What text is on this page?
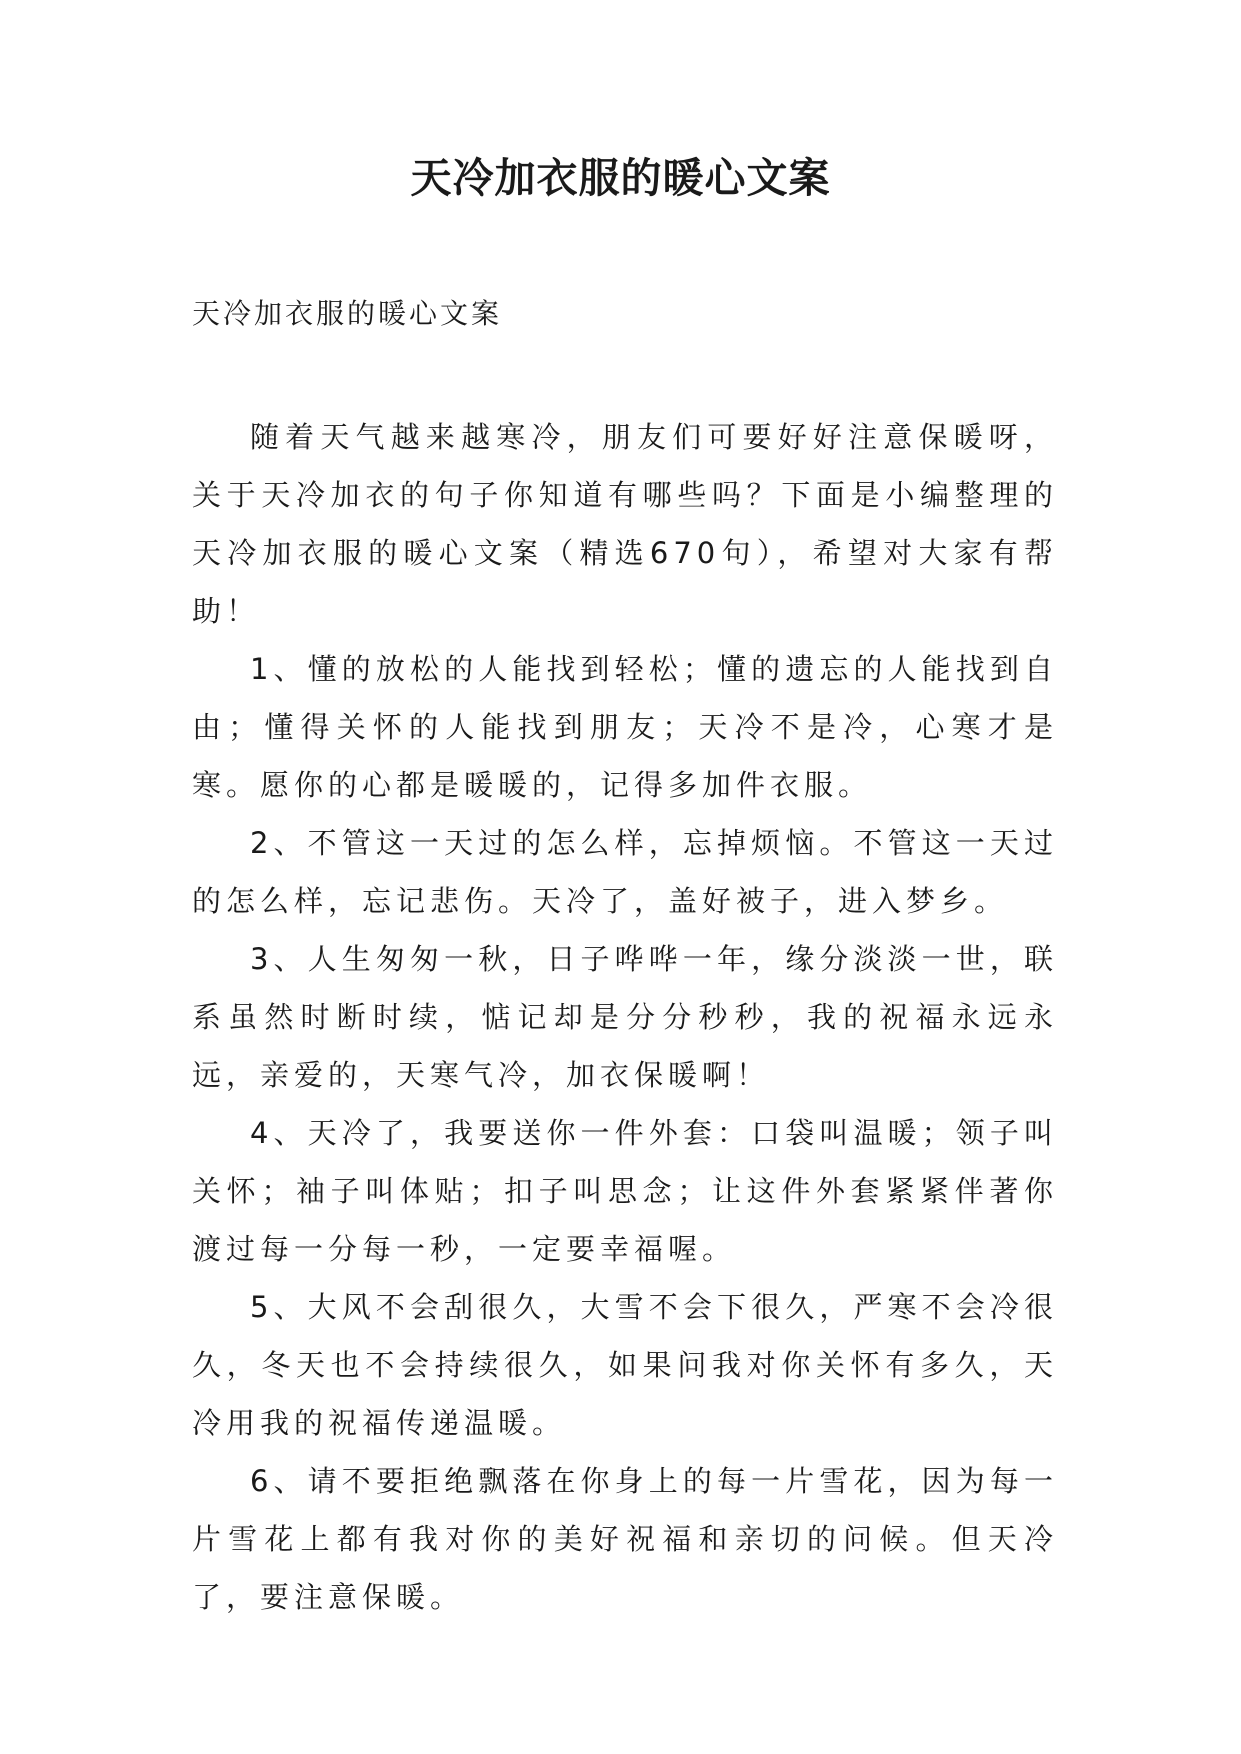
天冷加衣服的暖心文案
天冷加衣服的暖心文案

随着天气越来越寒冷，朋友们可要好好注意保暖呀，关于天冷加衣的句子你知道有哪些吗？下面是小编整理的天冷加衣服的暖心文案（精选670句），希望对大家有帮助！

1、懂的放松的人能找到轻松；懂的遗忘的人能找到自由；懂得关怀的人能找到朋友；天冷不是冷，心寒才是寒。愿你的心都是暖暖的，记得多加件衣服。

2、不管这一天过的怎么样，忘掉烦恼。不管这一天过的怎么样，忘记悲伤。天冷了，盖好被子，进入梦乡。

3、人生匆匆一秋，日子哗哗一年，缘分淡淡一世，联系虽然时断时续，惦记却是分分秒秒，我的祝福永远永远，亲爱的，天寒气冷，加衣保暖啊！

4、天冷了，我要送你一件外套：口袋叫温暖；领子叫关怀；袖子叫体贴；扣子叫思念；让这件外套紧紧伴著你渡过每一分每一秒，一定要幸福喔。

5、大风不会刮很久，大雪不会下很久，严寒不会冷很久，冬天也不会持续很久，如果问我对你关怀有多久，天冷用我的祝福传递温暖。

6、请不要拒绝飘落在你身上的每一片雪花，因为每一片雪花上都有我对你的美好祝福和亲切的问候。但天冷了，要注意保暖。
